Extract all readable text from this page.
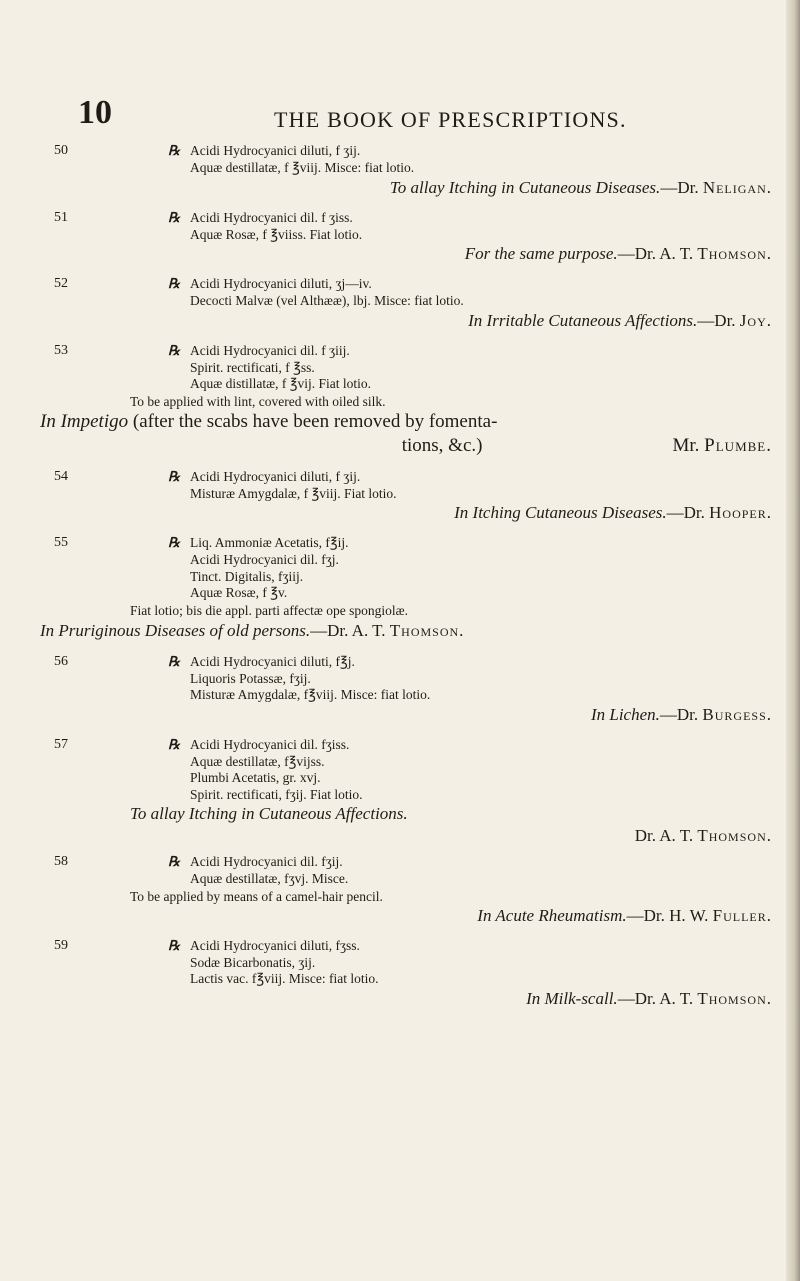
10	THE BOOK OF PRESCRIPTIONS.
50	℞ Acidi Hydrocyanici diluti, f ʒij.
Aquæ destillatæ, f ℥viij. Misce: fiat lotio.
To allay Itching in Cutaneous Diseases.—Dr. Neligan.
51	℞ Acidi Hydrocyanici dil. f ʒiss.
Aquæ Rosæ, f ℥viiss. Fiat lotio.
For the same purpose.—Dr. A. T. Thomson.
52	℞ Acidi Hydrocyanici diluti, ʒj—iv.
Decocti Malvæ (vel Althææ), lbj. Misce: fiat lotio.
In Irritable Cutaneous Affections.—Dr. Joy.
53	℞ Acidi Hydrocyanici dil. f ʒiij.
Spirit. rectificati, f ℥ss.
Aquæ distillatæ, f ℥vij. Fiat lotio.
To be applied with lint, covered with oiled silk.
In Impetigo (after the scabs have been removed by fomenta-
tions, &c.)	Mr. Plumbe.
54	℞ Acidi Hydrocyanici diluti, f ʒij.
Misturæ Amygdalæ, f ℥viij. Fiat lotio.
In Itching Cutaneous Diseases.—Dr. Hooper.
55	℞ Liq. Ammoniæ Acetatis, f℥ij.
Acidi Hydrocyanici dil. fʒj.
Tinct. Digitalis, fʒiij.
Aquæ Rosæ, f ℥v.
Fiat lotio; bis die appl. parti affectæ ope spongiolæ.
In Pruriginous Diseases of old persons.—Dr. A. T. Thomson.
56	℞ Acidi Hydrocyanici diluti, f℥j.
Liquoris Potassæ, fʒij.
Misturæ Amygdalæ, f℥viij. Misce: fiat lotio.
In Lichen.—Dr. Burgess.
57	℞ Acidi Hydrocyanici dil. fʒiss.
Aquæ destillatæ, f℥vijss.
Plumbi Acetatis, gr. xvj.
Spirit. rectificati, fʒij. Fiat lotio.
To allay Itching in Cutaneous Affections.
Dr. A. T. Thomson.
58	℞ Acidi Hydrocyanici dil. fʒij.
Aquæ destillatæ, fʒvj. Misce.
To be applied by means of a camel-hair pencil.
In Acute Rheumatism.—Dr. H. W. Fuller.
59	℞ Acidi Hydrocyanici diluti, fʒss.
Sodæ Bicarbonatis, ʒij.
Lactis vac. f℥viij. Misce: fiat lotio.
In Milk-scall.—Dr. A. T. Thomson.
